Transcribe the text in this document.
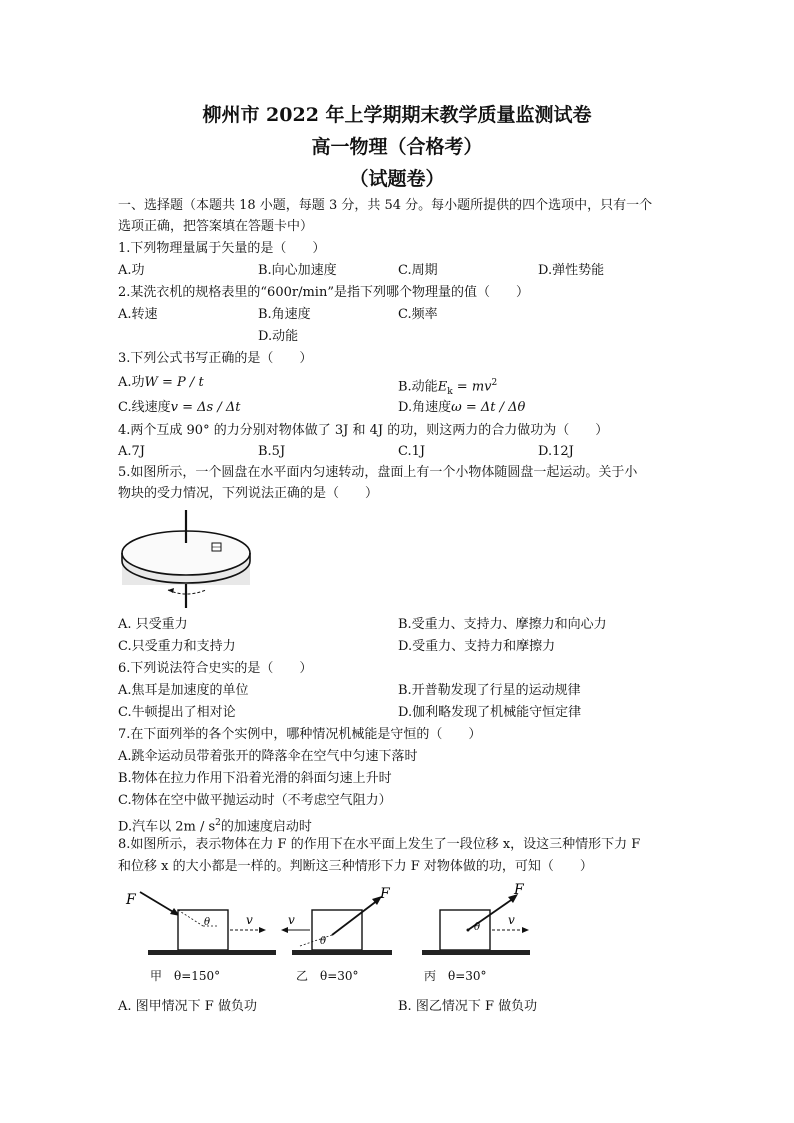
柳州市 2022 年上学期期末教学质量监测试卷
高一物理（合格考）
（试题卷）
一、选择题（本题共 18 小题，每题 3 分，共 54 分。每小题所提供的四个选项中，只有一个
选项正确，把答案填在答题卡中）
1.下列物理量属于矢量的是（　　）
A.功	B.向心加速度	C.周期	D.弹性势能
2.某洗衣机的规格表里的“600r/min”是指下列哪个物理量的值（　　）
A.转速	B.角速度	C.频率
D.动能
3.下列公式书写正确的是（　　）
A.功W = P / t	B.动能$E_k = mv^2$
C.线速度v = Δs / Δt	D.角速度ω = Δt / Δθ
4.两个互成 90° 的力分别对物体做了 3J 和 4J 的功，则这两力的合力做功为（　　）
A.7J	B.5J	C.1J	D.12J
5.如图所示，一个圆盘在水平面内匀速转动，盘面上有一个小物体随圆盘一起运动。关于小
物块的受力情况，下列说法正确的是（　　）
A. 只受重力	B.受重力、支持力、摩擦力和向心力
C.只受重力和支持力	D.受重力、支持力和摩擦力
6.下列说法符合史实的是（　　）
A.焦耳是加速度的单位	B.开普勒发现了行星的运动规律
C.牛顿提出了相对论	D.伽利略发现了机械能守恒定律
7.在下面列举的各个实例中，哪种情况机械能是守恒的（　　）
A.跳伞运动员带着张开的降落伞在空气中匀速下落时
B.物体在拉力作用下沿着光滑的斜面匀速上升时
C.物体在空中做平抛运动时（不考虑空气阻力）
D.汽车以 $2m / s^2$的加速度启动时
8.如图所示，表示物体在力 F 的作用下在水平面上发生了一段位移 x，设这三种情形下力 F
和位移 x 的大小都是一样的。判断这三种情形下力 F 对物体做的功，可知（　　）
F
θ	v
甲　θ=150°
F
θ
v
乙　θ=30°
F
θ
v
丙　θ=30°
A. 图甲情况下 F 做负功	B. 图乙情况下 F 做负功
